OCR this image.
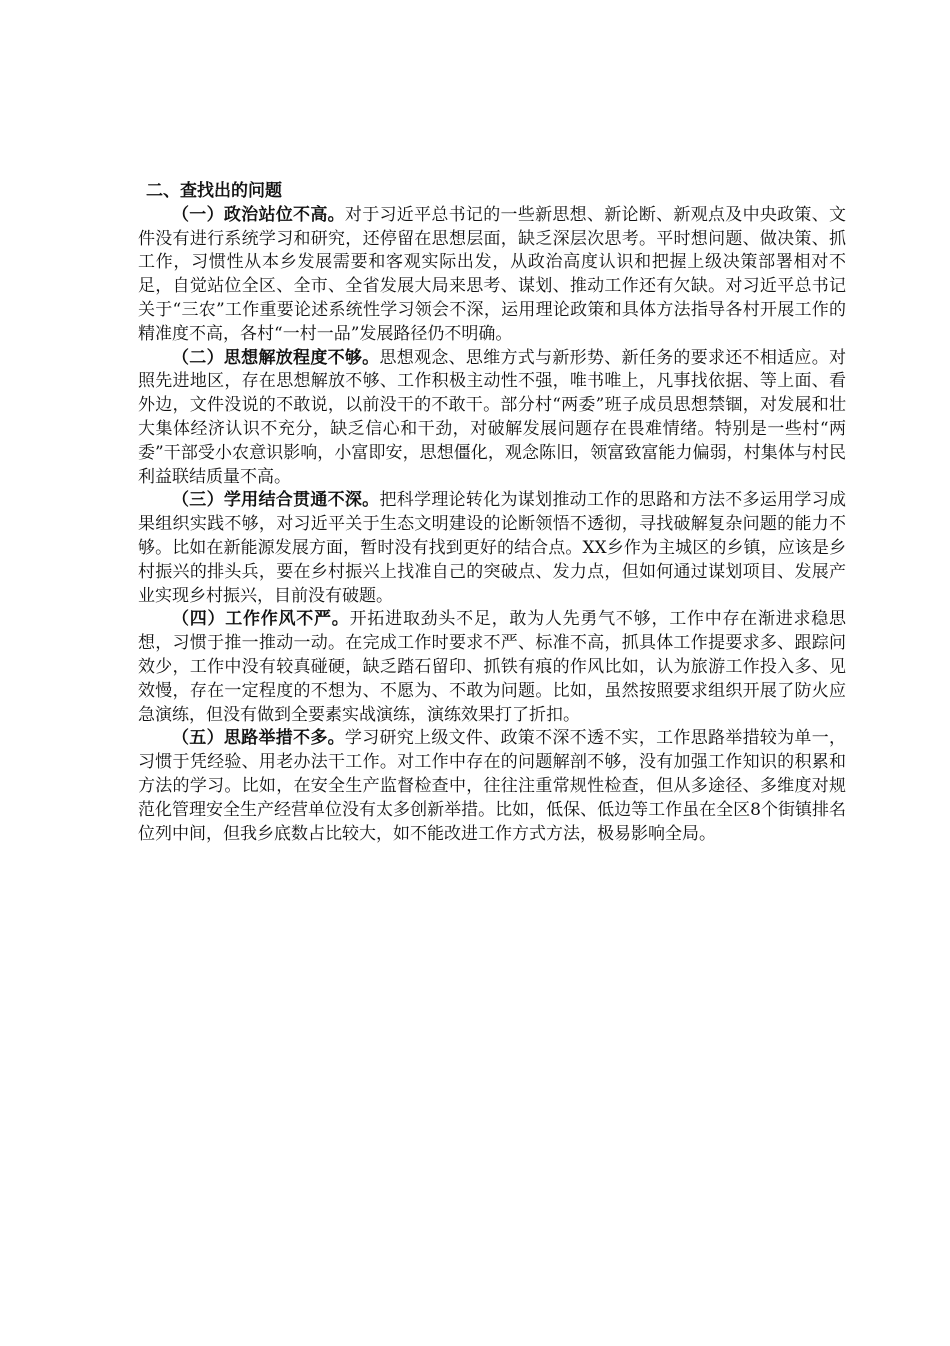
二、查找出的问题

（一）政治站位不高。对于习近平总书记的一些新思想、新论断、新观点及中央政策、文件没有进行系统学习和研究，还停留在思想层面，缺乏深层次思考。平时想问题、做决策、抓工作，习惯性从本乡发展需要和客观实际出发，从政治高度认识和把握上级决策部署相对不足，自觉站位全区、全市、全省发展大局来思考、谋划、推动工作还有欠缺。对习近平总书记关于“三农”工作重要论述系统性学习领会不深，运用理论政策和具体方法指导各村开展工作的精准度不高，各村“一村一品”发展路径仍不明确。

（二）思想解放程度不够。思想观念、思维方式与新形势、新任务的要求还不相适应。对照先进地区，存在思想解放不够、工作积极主动性不强，唯书唯上，凡事找依据、等上面、看外边，文件没说的不敢说，以前没干的不敢干。部分村“两委”班子成员思想禁锢，对发展和壮大集体经济认识不充分，缺乏信心和干劲，对破解发展问题存在畏难情绪。特别是一些村“两委”干部受小农意识影响，小富即安，思想僵化，观念陈旧，领富致富能力偏弱，村集体与村民利益联结质量不高。

（三）学用结合贯通不深。把科学理论转化为谋划推动工作的思路和方法不多运用学习成果组织实践不够，对习近平关于生态文明建设的论断领悟不透彻，寻找破解复杂问题的能力不够。比如在新能源发展方面，暂时没有找到更好的结合点。XX乡作为主城区的乡镇，应该是乡村振兴的排头兵，要在乡村振兴上找准自己的突破点、发力点，但如何通过谋划项目、发展产业实现乡村振兴，目前没有破题。

（四）工作作风不严。开拓进取劲头不足，敢为人先勇气不够，工作中存在渐进求稳思想，习惯于推一推动一动。在完成工作时要求不严、标准不高，抓具体工作提要求多、跟踪问效少，工作中没有较真碰硬，缺乏踏石留印、抓铁有痕的作风比如，认为旅游工作投入多、见效慢，存在一定程度的不想为、不愿为、不敢为问题。比如，虽然按照要求组织开展了防火应急演练，但没有做到全要素实战演练，演练效果打了折扣。

（五）思路举措不多。学习研究上级文件、政策不深不透不实，工作思路举措较为单一，习惯于凭经验、用老办法干工作。对工作中存在的问题解剖不够，没有加强工作知识的积累和方法的学习。比如，在安全生产监督检查中，往往注重常规性检查，但从多途径、多维度对规范化管理安全生产经营单位没有太多创新举措。比如，低保、低边等工作虽在全区8个街镇排名位列中间，但我乡底数占比较大，如不能改进工作方式方法，极易影响全局。
